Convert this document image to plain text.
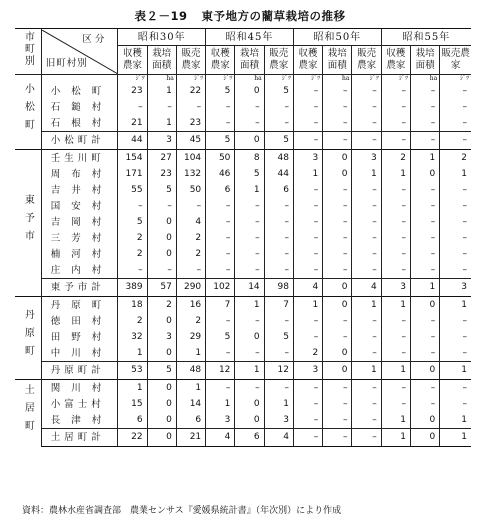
表２－19 東予地方の藺草栽培の推移
市町別	区分
旧町村別	昭和30年			昭和45年			昭和50年			昭和55年		
		収穫農家	栽培面積	販売農家	収穫農家	栽培面積	販売農家	収穫農家	栽培面積	販売農家	収穫農家	栽培面積	販売農家
小松町		ｼﾞﾂ	ha	ｼﾞﾂ	ｼﾞﾂ	ha	ｼﾞﾂ	ｼﾞﾂ	ha	ｼﾞﾂ	ｼﾞﾂ	ha	ｼﾞﾂ
	小 松 町	23	1	22	5	0	5	–	–	–	–	–	–
	石 鎚 村	–	–	–	–	–	–	–	–	–	–	–	–
	石 根 村	21	1	23	–	–	–	–	–	–	–	–	–
	小松町計	44	3	45	5	0	5	–	–	–	–	–	–
東予市	壬生川町	154	27	104	50	8	48	3	0	3	2	1	2
	周 布 村	171	23	132	46	5	44	1	0	1	1	0	1
	吉 井 村	55	5	50	6	1	6	–	–	–	–	–	–
	国 安 村	–	–	–	–	–	–	–	–	–	–	–	–
	吉 岡 村	5	0	4	–	–	–	–	–	–	–	–	–
	三 芳 村	2	0	2	–	–	–	–	–	–	–	–	–
	楠 河 村	2	0	2	–	–	–	–	–	–	–	–	–
	庄 内 村	–	–	–	–	–	–	–	–	–	–	–	–
	東予市計	389	57	290	102	14	98	4	0	4	3	1	3
丹原町	丹 原 町	18	2	16	7	1	7	1	0	1	1	0	1
	徳 田 村	2	0	2	–	–	–	–	–	–	–	–	–
	田 野 村	32	3	29	5	0	5	–	–	–	–	–	–
	中 川 村	1	0	1	–	–	–	2	0	–	–	–	–
	丹原町計	53	5	48	12	1	12	3	0	1	1	0	1
土居町	関 川 村	1	0	1	–	–	–	–	–	–	–	–	–
	小富士村	15	0	14	1	0	1	–	–	–	–	–	–
	長 津 村	6	0	6	3	0	3	–	–	–	1	0	1
	土居町計	22	0	21	4	6	4	–	–	–	1	0	1
資料：農林水産省調査部　農業センサス『愛媛県統計書』（年次別）により作成
